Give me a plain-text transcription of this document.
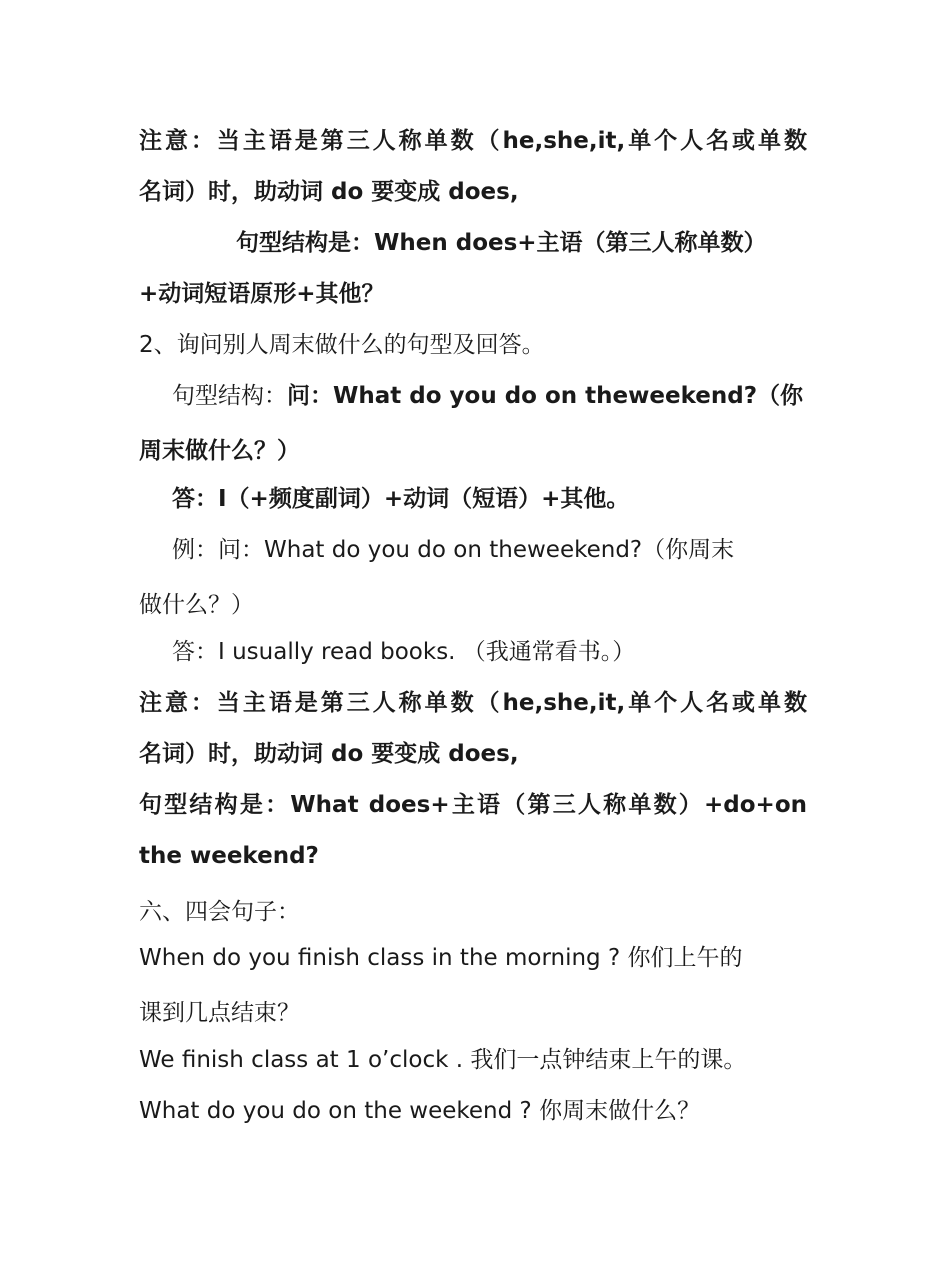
注意：当主语是第三人称单数（he,she,it,单个人名或单数
名词）时，助动词 do 要变成 does,
句型结构是：When does+主语（第三人称单数）
+动词短语原形+其他？
2、询问别人周末做什么的句型及回答。
句型结构：问：What do you do on theweekend?（你
周末做什么？）
答：I（+频度副词）+动词（短语）+其他。
例：问：What do you do on theweekend?（你周末
做什么？）
答：I usually read books. （我通常看书。）
注意：当主语是第三人称单数（he,she,it,单个人名或单数
名词）时，助动词 do 要变成 does,
句型结构是：What does+主语（第三人称单数）+do+on
the weekend?
六、四会句子：
When do you finish class in the morning ? 你们上午的
课到几点结束？
We finish class at 1 o’clock . 我们一点钟结束上午的课。
What do you do on the weekend ? 你周末做什么？
